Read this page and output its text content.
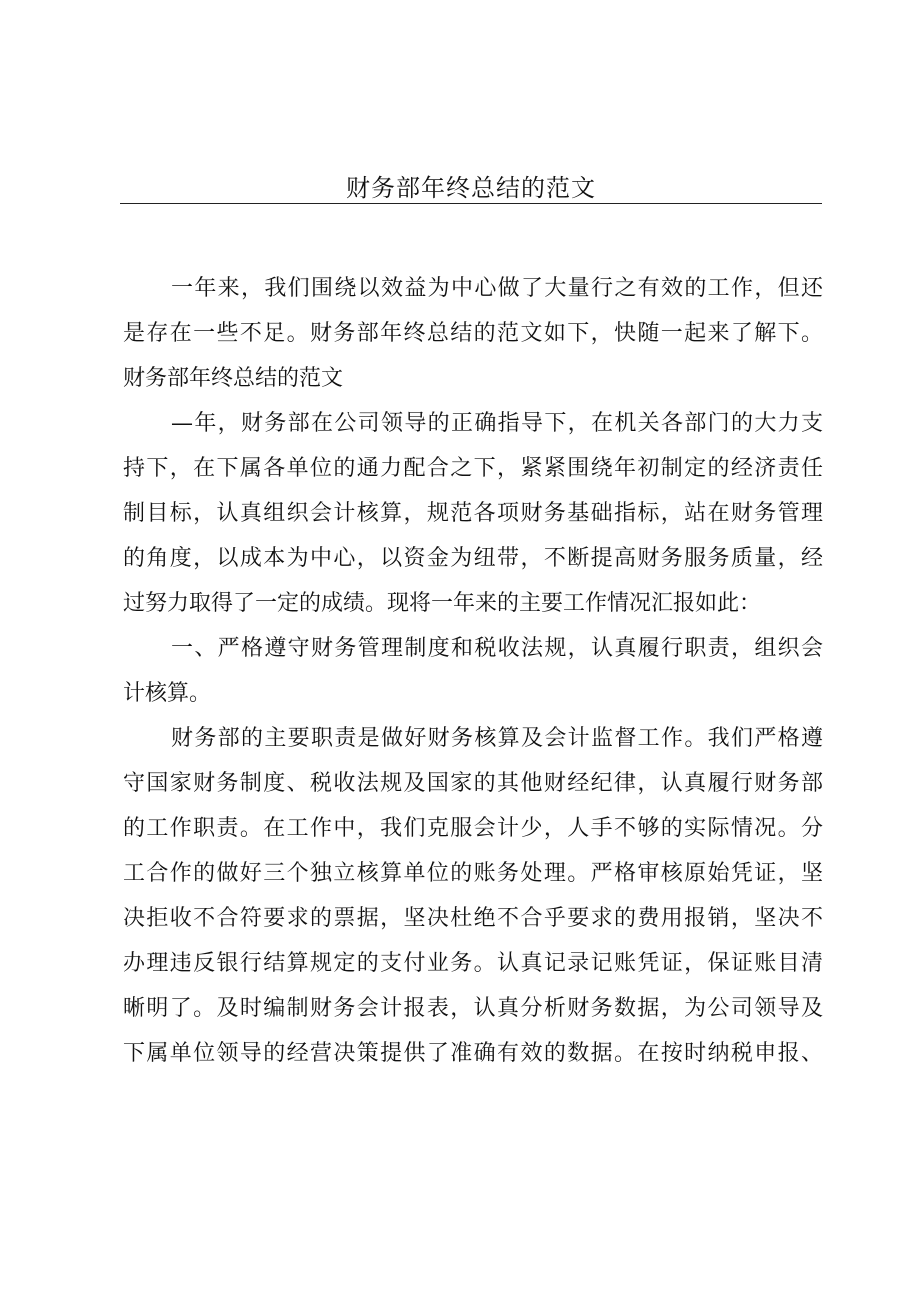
财务部年终总结的范文
一年来，我们围绕以效益为中心做了大量行之有效的工作，但还
是存在一些不足。财务部年终总结的范文如下，快随一起来了解下。
财务部年终总结的范文
—年，财务部在公司领导的正确指导下，在机关各部门的大力支
持下，在下属各单位的通力配合之下，紧紧围绕年初制定的经济责任
制目标，认真组织会计核算，规范各项财务基础指标，站在财务管理
的角度，以成本为中心，以资金为纽带，不断提高财务服务质量，经
过努力取得了一定的成绩。现将一年来的主要工作情况汇报如此：
一、严格遵守财务管理制度和税收法规，认真履行职责，组织会
计核算。
财务部的主要职责是做好财务核算及会计监督工作。我们严格遵
守国家财务制度、税收法规及国家的其他财经纪律，认真履行财务部
的工作职责。在工作中，我们克服会计少，人手不够的实际情况。分
工合作的做好三个独立核算单位的账务处理。严格审核原始凭证，坚
决拒收不合符要求的票据，坚决杜绝不合乎要求的费用报销，坚决不
办理违反银行结算规定的支付业务。认真记录记账凭证，保证账目清
晰明了。及时编制财务会计报表，认真分析财务数据，为公司领导及
下属单位领导的经营决策提供了准确有效的数据。在按时纳税申报、
